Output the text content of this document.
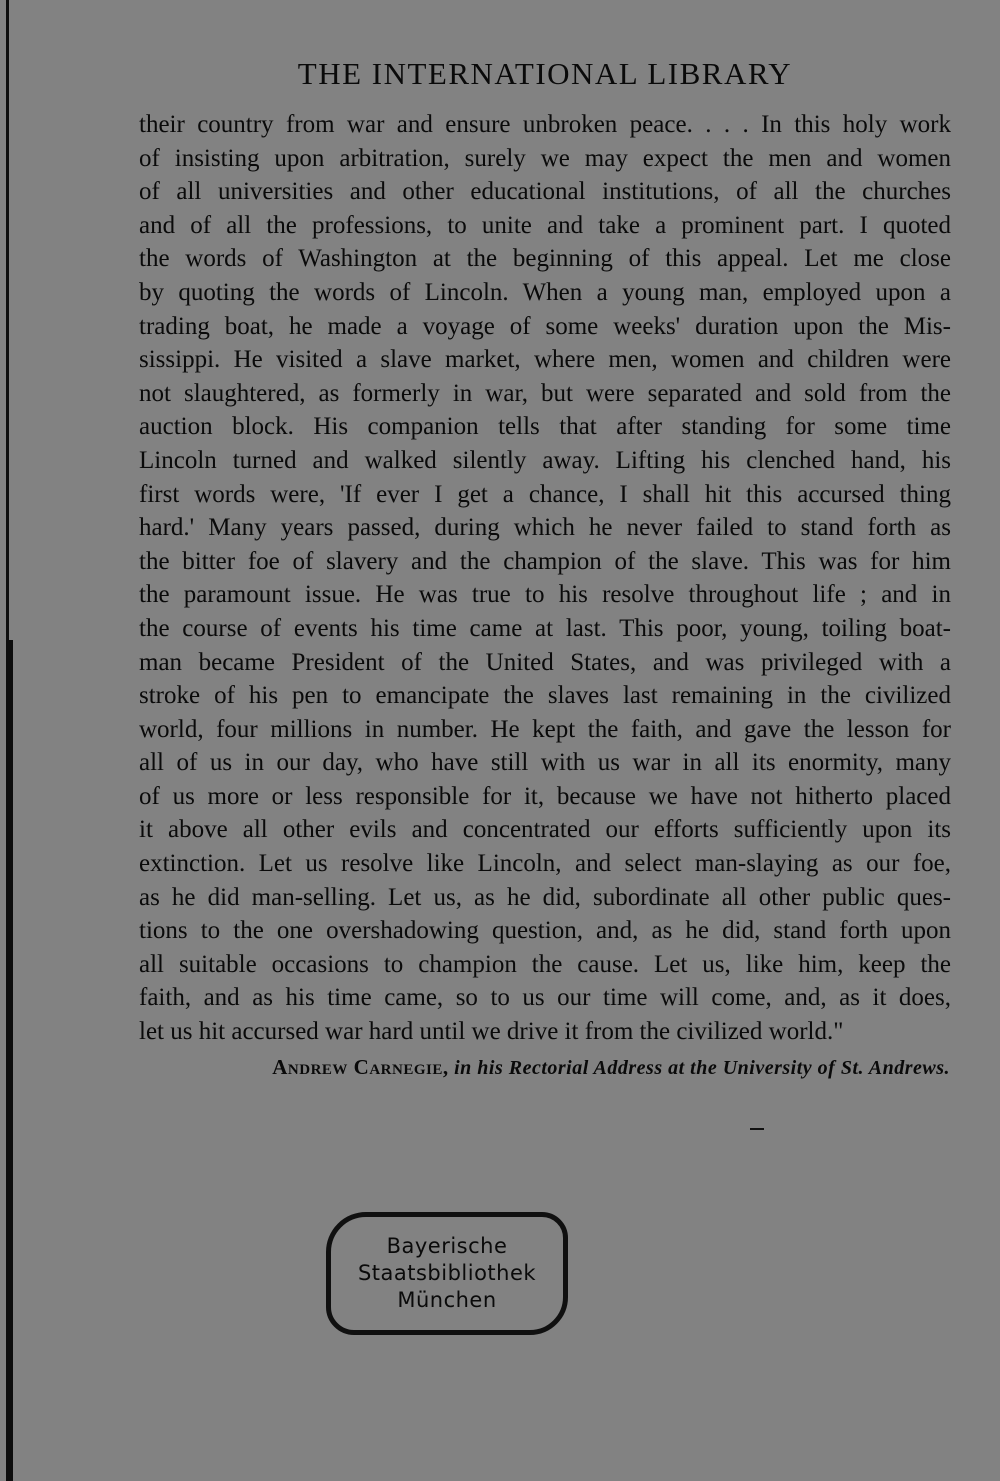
THE INTERNATIONAL LIBRARY
their country from war and ensure unbroken peace. . . . In this holy work
of insisting upon arbitration, surely we may expect the men and women
of all universities and other educational institutions, of all the churches
and of all the professions, to unite and take a prominent part. I quoted
the words of Washington at the beginning of this appeal. Let me close
by quoting the words of Lincoln. When a young man, employed upon a
trading boat, he made a voyage of some weeks' duration upon the Mis-
sissippi. He visited a slave market, where men, women and children were
not slaughtered, as formerly in war, but were separated and sold from the
auction block. His companion tells that after standing for some time
Lincoln turned and walked silently away. Lifting his clenched hand, his
first words were, 'If ever I get a chance, I shall hit this accursed thing
hard.' Many years passed, during which he never failed to stand forth as
the bitter foe of slavery and the champion of the slave. This was for him
the paramount issue. He was true to his resolve throughout life ; and in
the course of events his time came at last. This poor, young, toiling boat-
man became President of the United States, and was privileged with a
stroke of his pen to emancipate the slaves last remaining in the civilized
world, four millions in number. He kept the faith, and gave the lesson for
all of us in our day, who have still with us war in all its enormity, many
of us more or less responsible for it, because we have not hitherto placed
it above all other evils and concentrated our efforts sufficiently upon its
extinction. Let us resolve like Lincoln, and select man-slaying as our foe,
as he did man-selling. Let us, as he did, subordinate all other public ques-
tions to the one overshadowing question, and, as he did, stand forth upon
all suitable occasions to champion the cause. Let us, like him, keep the
faith, and as his time came, so to us our time will come, and, as it does,
let us hit accursed war hard until we drive it from the civilized world."

Andrew Carnegie, in his Rectorial Address at the University of St. Andrews.

Bayerische
Staatsbibliothek
München
